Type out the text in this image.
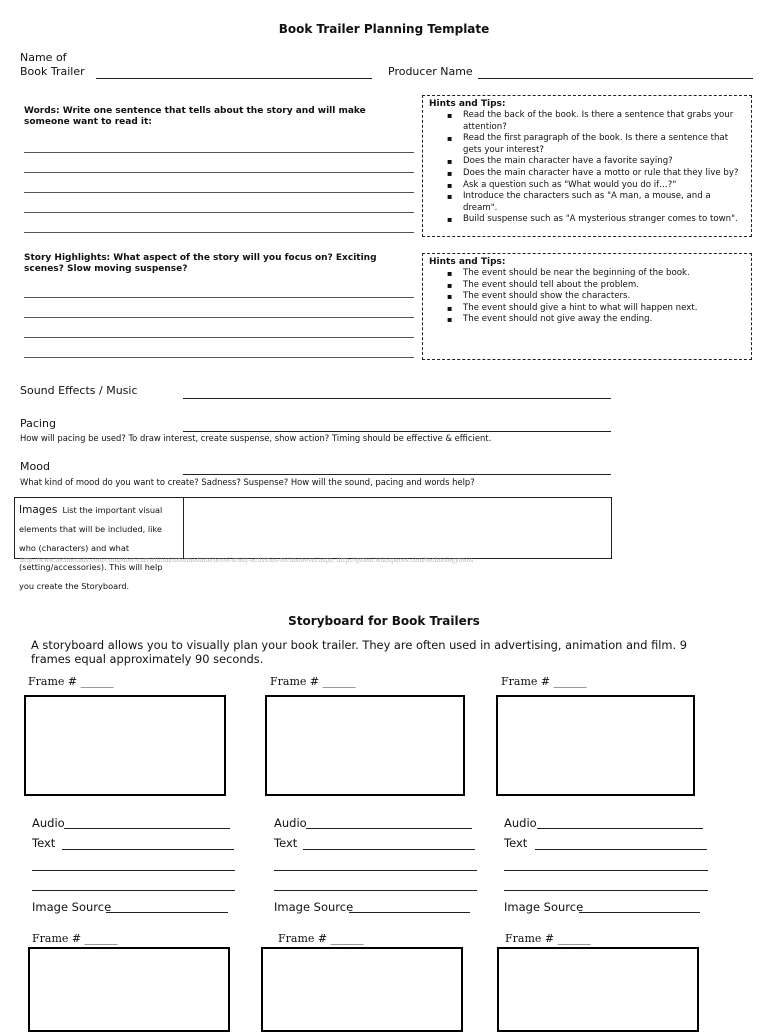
Book Trailer Planning Template
Name of
Book Trailer	Producer Name
Words: Write one sentence that tells about the story and will make someone want to read it:
Hints and Tips:
▪ Read the back of the book. Is there a sentence that grabs your attention?
▪ Read the first paragraph of the book. Is there a sentence that gets your interest?
▪ Does the main character have a favorite saying?
▪ Does the main character have a motto or rule that they live by?
▪ Ask a question such as "What would you do if…?"
▪ Introduce the characters such as "A man, a mouse, and a dream".
▪ Build suspense such as "A mysterious stranger comes to town".
Story Highlights: What aspect of the story will you focus on? Exciting scenes? Slow moving suspense?
Hints and Tips:
▪ The event should be near the beginning of the book.
▪ The event should tell about the problem.
▪ The event should show the characters.
▪ The event should give a hint to what will happen next.
▪ The event should not give away the ending.
Sound Effects / Music
Pacing
How will pacing be used? To draw interest, create suspense, show action? Timing should be effective & efficient.
Mood
What kind of mood do you want to create? Sadness? Suspense? How will the sound, pacing and words help?
Images List the important visual elements that will be included, like who (characters) and what (setting/accessories). This will help you create the Storyboard.
http://www.technotads.com/computer-curriculum/intermediate/novel-study-activities-technonovel.aspx; http://gsteal.wikispaces.com/technologytools
Storyboard for Book Trailers
A storyboard allows you to visually plan your book trailer. They are often used in advertising, animation and film. 9 frames equal approximately 90 seconds.
Frame # ______
Audio
Text
Image Source
Frame # ______
Audio
Text
Image Source
Frame # ______
Audio
Text
Image Source
Frame # ______	Frame # ______	Frame # ______
